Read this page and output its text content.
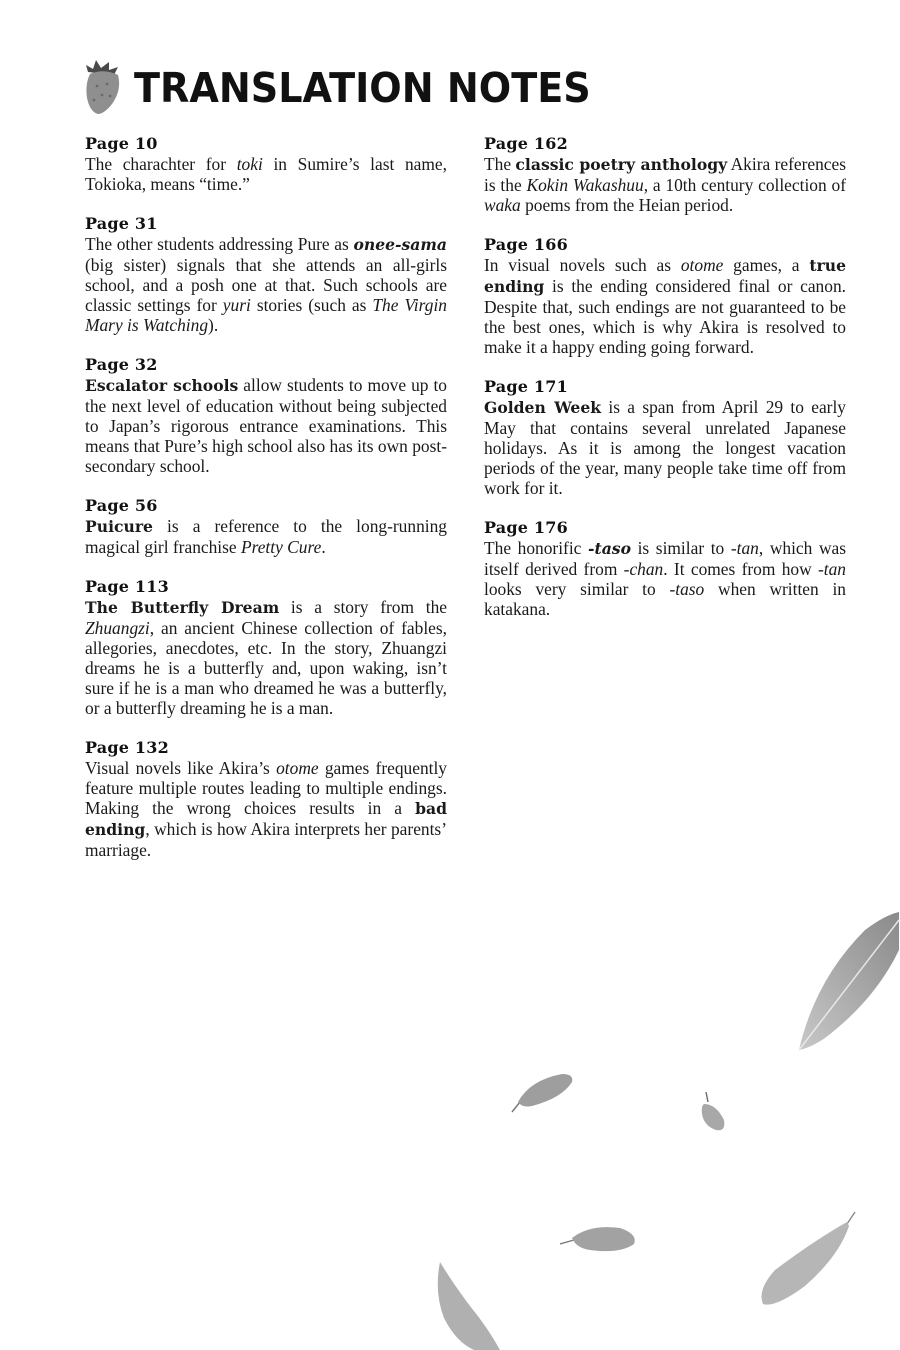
TRANSLATION NOTES
Page 10

The charachter for toki in Sumire’s last name, Tokioka, means “time.”

Page 31

The other students addressing Pure as onee-sama (big sister) signals that she attends an all-girls school, and a posh one at that. Such schools are classic settings for yuri stories (such as The Virgin Mary is Watching).

Page 32

Escalator schools allow students to move up to the next level of education without being subjected to Japan’s rigorous entrance examinations. This means that Pure’s high school also has its own post-secondary school.

Page 56

Puicure is a reference to the long-running magical girl franchise Pretty Cure.

Page 113

The Butterfly Dream is a story from the Zhuangzi, an ancient Chinese collection of fables, allegories, anecdotes, etc. In the story, Zhuangzi dreams he is a butterfly and, upon waking, isn’t sure if he is a man who dreamed he was a butterfly, or a butterfly dreaming he is a man.

Page 132

Visual novels like Akira’s otome games frequently feature multiple routes leading to multiple endings. Making the wrong choices results in a bad ending, which is how Akira interprets her parents’ marriage.

Page 162

The classic poetry anthology Akira references is the Kokin Wakashuu, a 10th century collection of waka poems from the Heian period.

Page 166

In visual novels such as otome games, a true ending is the ending considered final or canon. Despite that, such endings are not guaranteed to be the best ones, which is why Akira is resolved to make it a happy ending going forward.

Page 171

Golden Week is a span from April 29 to early May that contains several unrelated Japanese holidays. As it is among the longest vacation periods of the year, many people take time off from work for it.

Page 176

The honorific -taso is similar to -tan, which was itself derived from -chan. It comes from how -tan looks very similar to -taso when written in katakana.
